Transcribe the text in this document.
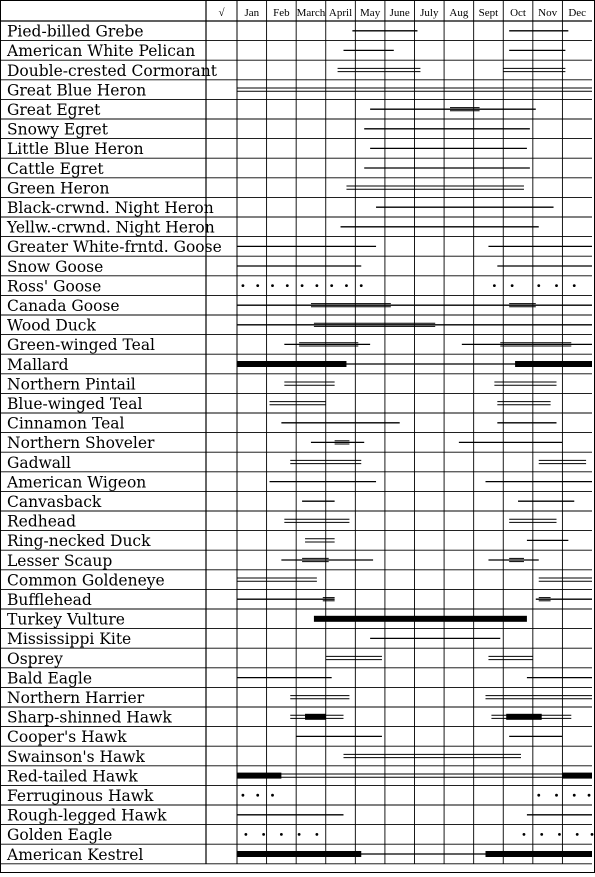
√ Jan Feb March April May June July Aug Sept Oct Nov Dec
Pied-billed Grebe
American White Pelican
Double-crested Cormorant
Great Blue Heron
Great Egret
Snowy Egret
Little Blue Heron
Cattle Egret
Green Heron
Black-crwnd. Night Heron
Yellw.-crwnd. Night Heron
Greater White-frntd. Goose
Snow Goose
Ross' Goose
Canada Goose
Wood Duck
Green-winged Teal
Mallard
Northern Pintail
Blue-winged Teal
Cinnamon Teal
Northern Shoveler
Gadwall
American Wigeon
Canvasback
Redhead
Ring-necked Duck
Lesser Scaup
Common Goldeneye
Bufflehead
Turkey Vulture
Mississippi Kite
Osprey
Bald Eagle
Northern Harrier
Sharp-shinned Hawk
Cooper's Hawk
Swainson's Hawk
Red-tailed Hawk
Ferruginous Hawk
Rough-legged Hawk
Golden Eagle
American Kestrel
